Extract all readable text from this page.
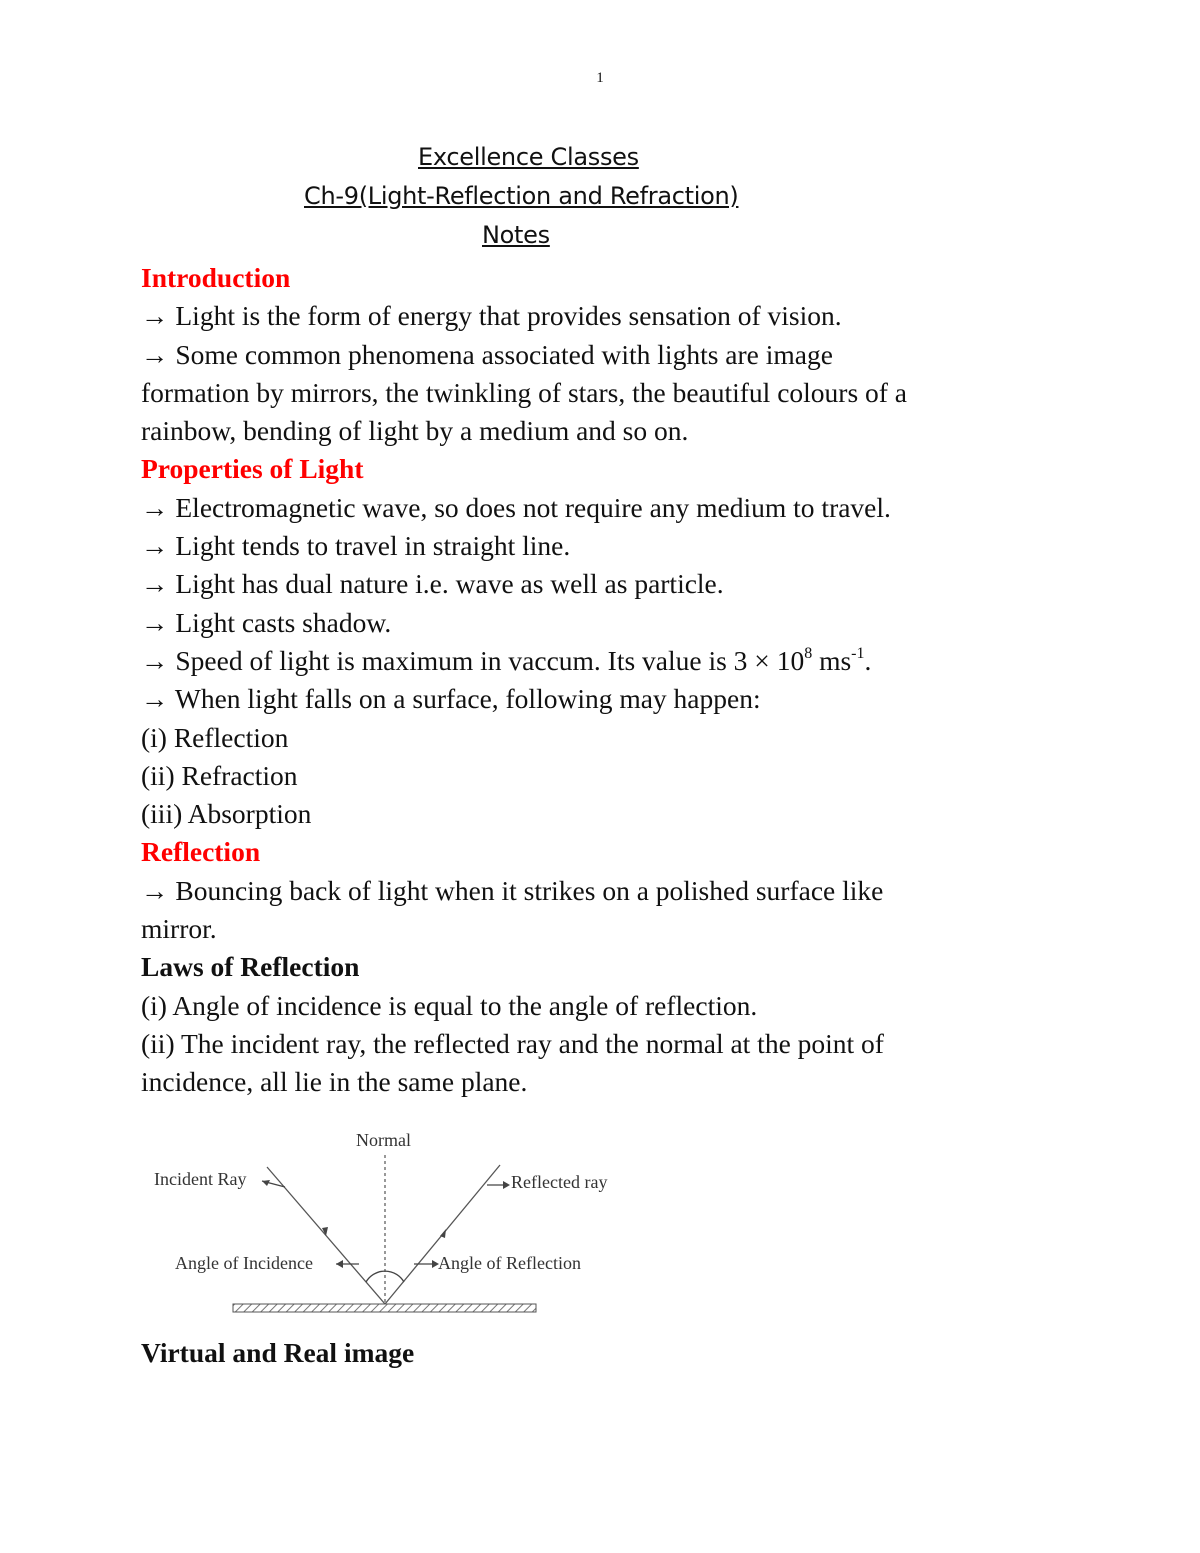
1
Excellence Classes
Ch-9(Light-Reflection and Refraction)
Notes
Introduction
→ Light is the form of energy that provides sensation of vision.
→ Some common phenomena associated with lights are image
formation by mirrors, the twinkling of stars, the beautiful colours of a
rainbow, bending of light by a medium and so on.
Properties of Light
→ Electromagnetic wave, so does not require any medium to travel.
→ Light tends to travel in straight line.
→ Light has dual nature i.e. wave as well as particle.
→ Light casts shadow.
→ Speed of light is maximum in vaccum. Its value is $3 \times 10^8$ $ms^{-1}$.
→ When light falls on a surface, following may happen:
(i) Reflection
(ii) Refraction
(iii) Absorption
Reflection
→ Bouncing back of light when it strikes on a polished surface like
mirror.
Laws of Reflection
(i) Angle of incidence is equal to the angle of reflection.
(ii) The incident ray, the reflected ray and the normal at the point of
incidence, all lie in the same plane.
Normal
Incident Ray	Reflected ray
Angle of Incidence	Angle of Reflection
Virtual and Real image
